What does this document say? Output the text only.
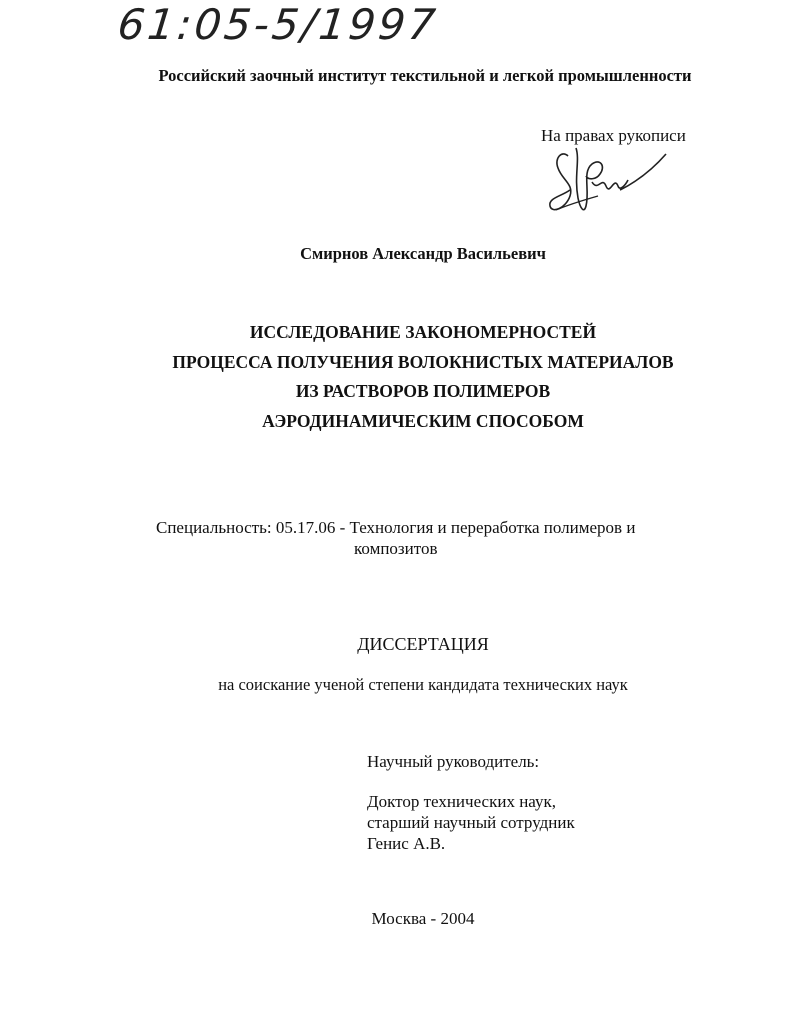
61:05-5/1997
Российский заочный институт текстильной и легкой промышленности
На правах рукописи
Смирнов Александр Васильевич
ИССЛЕДОВАНИЕ ЗАКОНОМЕРНОСТЕЙ
ПРОЦЕССА ПОЛУЧЕНИЯ ВОЛОКНИСТЫХ МАТЕРИАЛОВ
ИЗ РАСТВОРОВ ПОЛИМЕРОВ
АЭРОДИНАМИЧЕСКИМ СПОСОБОМ
Специальность: 05.17.06 - Технология и переработка полимеров и
композитов
ДИССЕРТАЦИЯ
на соискание ученой степени кандидата технических наук
Научный руководитель:
Доктор технических наук,
старший научный сотрудник
Генис А.В.
Москва - 2004
